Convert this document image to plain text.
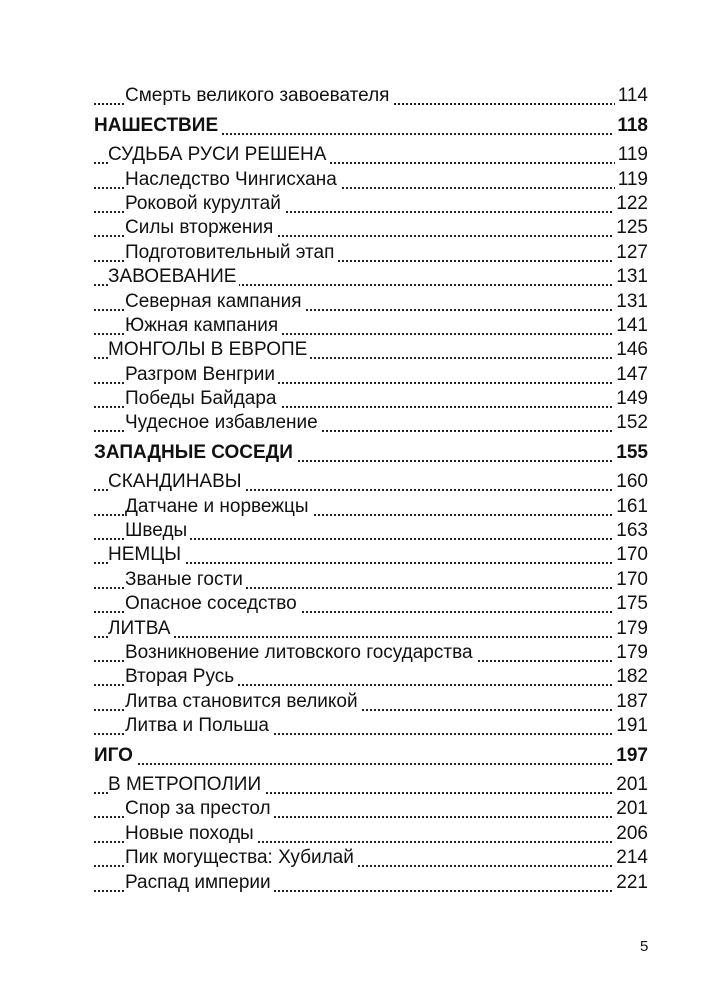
Смерть великого завоевателя	114
НАШЕСТВИЕ	118
СУДЬБА РУСИ РЕШЕНА	119
Наследство Чингисхана	119
Роковой курултай	122
Силы вторжения	125
Подготовительный этап	127
ЗАВОЕВАНИЕ	131
Северная кампания	131
Южная кампания	141
МОНГОЛЫ В ЕВРОПЕ	146
Разгром Венгрии	147
Победы Байдара	149
Чудесное избавление	152
ЗАПАДНЫЕ СОСЕДИ	155
СКАНДИНАВЫ	160
Датчане и норвежцы	161
Шведы	163
НЕМЦЫ	170
Званые гости	170
Опасное соседство	175
ЛИТВА	179
Возникновение литовского государства	179
Вторая Русь	182
Литва становится великой	187
Литва и Польша	191
ИГО	197
В МЕТРОПОЛИИ	201
Спор за престол	201
Новые походы	206
Пик могущества: Хубилай	214
Распад империи	221
5
